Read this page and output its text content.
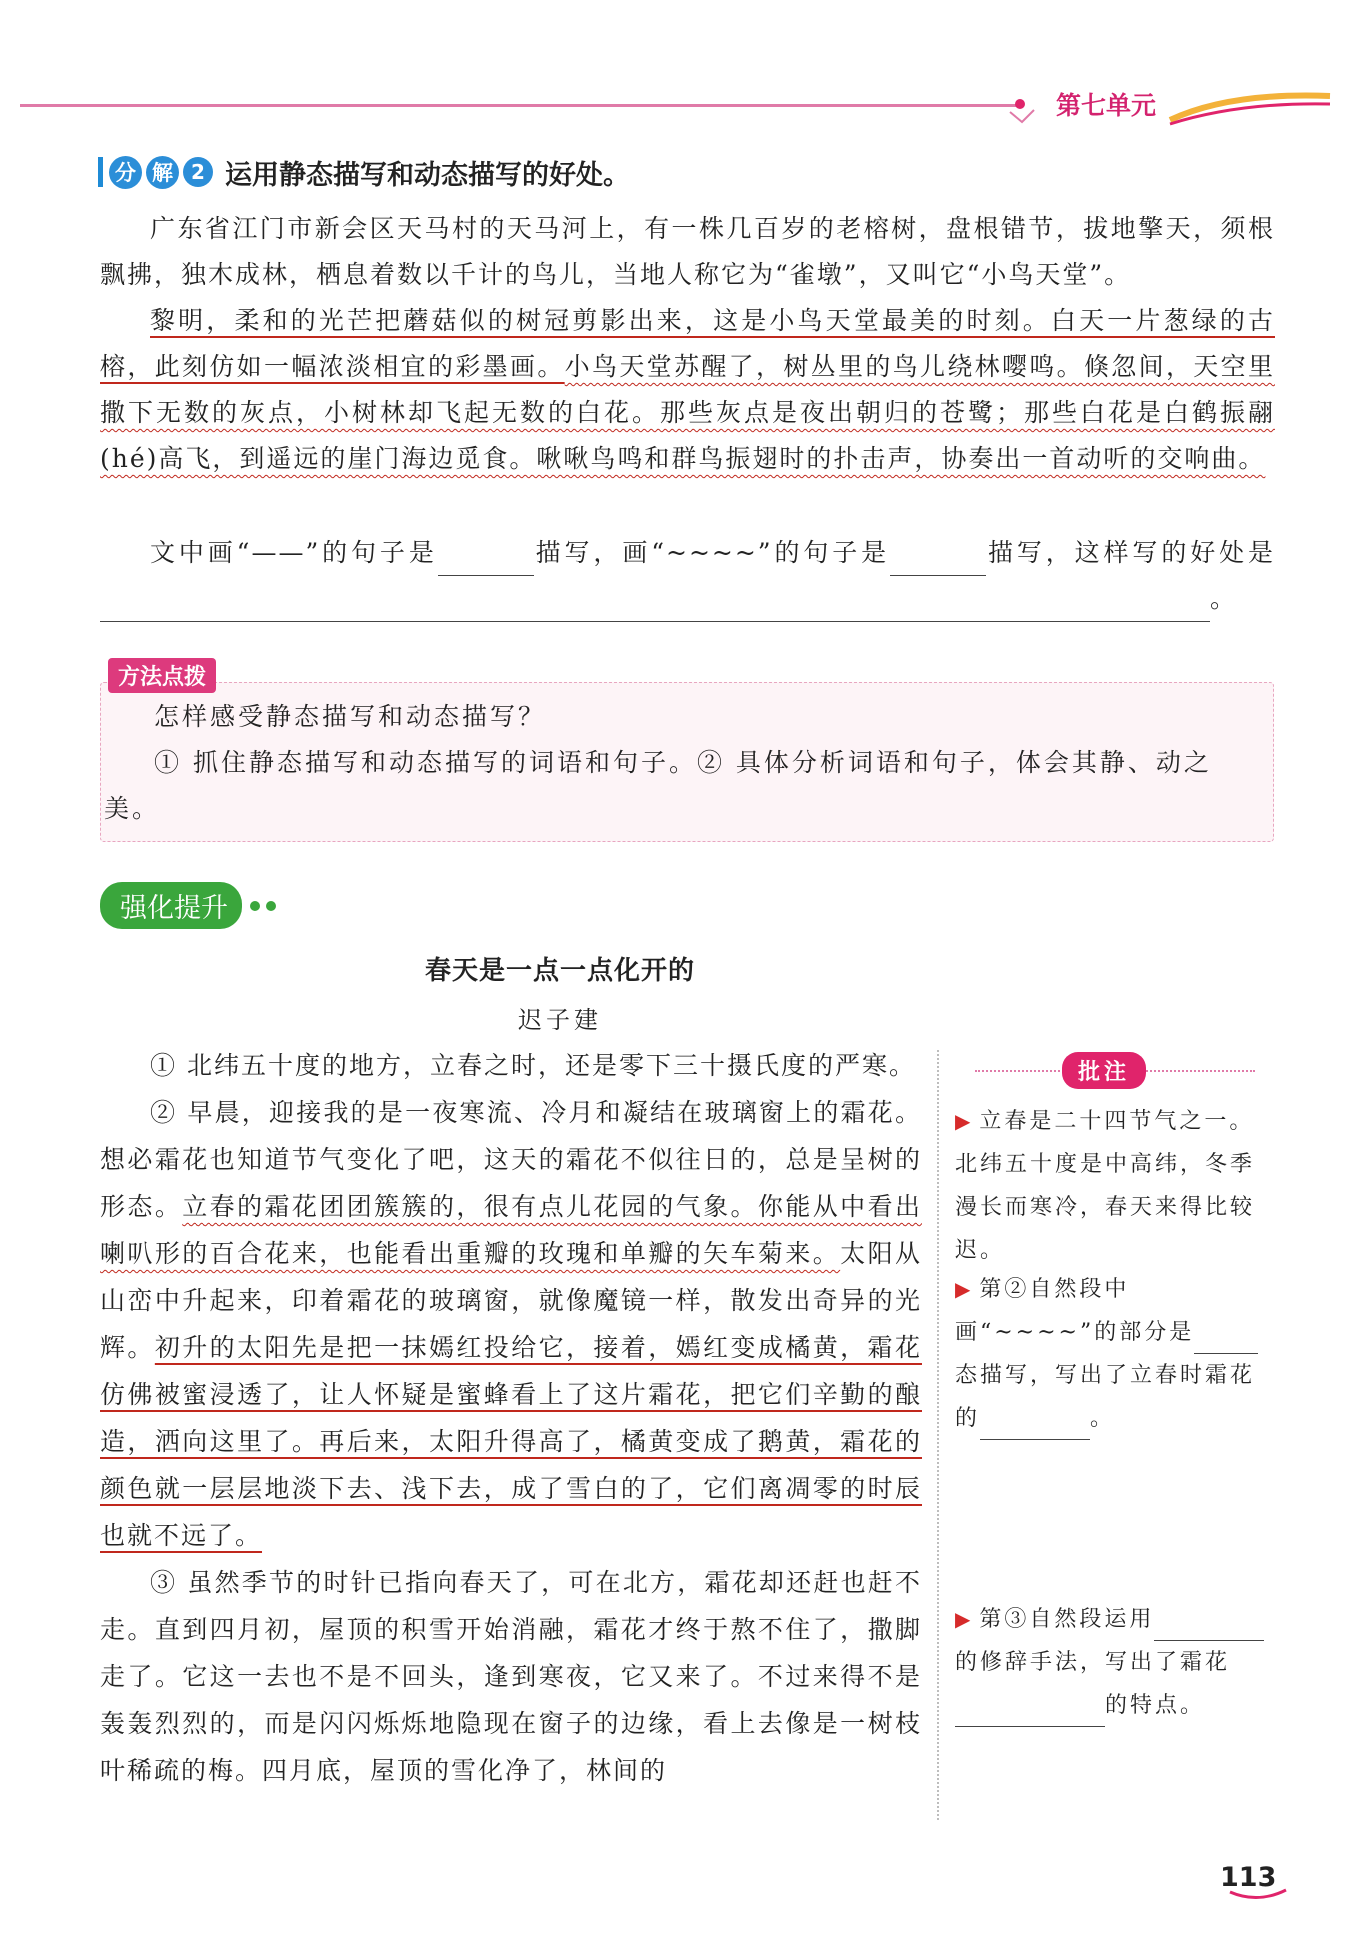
第七单元
分 解 2 运用静态描写和动态描写的好处。
广东省江门市新会区天马村的天马河上，有一株几百岁的老榕树，盘根错节，拔地擎天，须根飘拂，独木成林，栖息着数以千计的鸟儿，当地人称它为“雀墩”，又叫它“小鸟天堂”。
黎明，柔和的光芒把蘑菇似的树冠剪影出来，这是小鸟天堂最美的时刻。白天一片葱绿的古榕，此刻仿如一幅浓淡相宜的彩墨画。小鸟天堂苏醒了，树丛里的鸟儿绕林嘤鸣。倏忽间，天空里撒下无数的灰点，小树林却飞起无数的白花。那些灰点是夜出朝归的苍鹭；那些白花是白鹤振翮(hé)高飞，到遥远的崖门海边觅食。啾啾鸟鸣和群鸟振翅时的扑击声，协奏出一首动听的交响曲。
文中画“——”的句子是	描写，画“~~~~”的句子是	描写，这样写的好处是。
方法点拨

怎样感受静态描写和动态描写？

① 抓住静态描写和动态描写的词语和句子。② 具体分析词语和句子，体会其静、动之美。

强化提升
春天是一点一点化开的
迟子建

① 北纬五十度的地方，立春之时，还是零下三十摄氏度的严寒。

② 早晨，迎接我的是一夜寒流、冷月和凝结在玻璃窗上的霜花。想必霜花也知道节气变化了吧，这天的霜花不似往日的，总是呈树的形态。立春的霜花团团簇簇的，很有点儿花园的气象。你能从中看出喇叭形的百合花来，也能看出重瓣的玫瑰和单瓣的矢车菊来。太阳从山峦中升起来，印着霜花的玻璃窗，就像魔镜一样，散发出奇异的光辉。初升的太阳先是把一抹嫣红投给它，接着，嫣红变成橘黄，霜花仿佛被蜜浸透了，让人怀疑是蜜蜂看上了这片霜花，把它们辛勤的酿造，洒向这里了。再后来，太阳升得高了，橘黄变成了鹅黄，霜花的颜色就一层层地淡下去、浅下去，成了雪白的了，它们离凋零的时辰也就不远了。

③ 虽然季节的时针已指向春天了，可在北方，霜花却还赶也赶不走。直到四月初，屋顶的积雪开始消融，霜花才终于熬不住了，撒脚走了。它这一去也不是不回头，逢到寒夜，它又来了。不过来得不是轰轰烈烈的，而是闪闪烁烁地隐现在窗子的边缘，看上去像是一树枝叶稀疏的梅。四月底，屋顶的雪化净了，林间的

批注
▶ 立春是二十四节气之一。北纬五十度是中高纬，冬季漫长而寒冷，春天来得比较迟。
▶ 第②自然段中画“~~~~”的部分是态描写，写出了立春时霜花的	。
▶ 第③自然段运用的修辞手法，写出了霜花的特点。
113
